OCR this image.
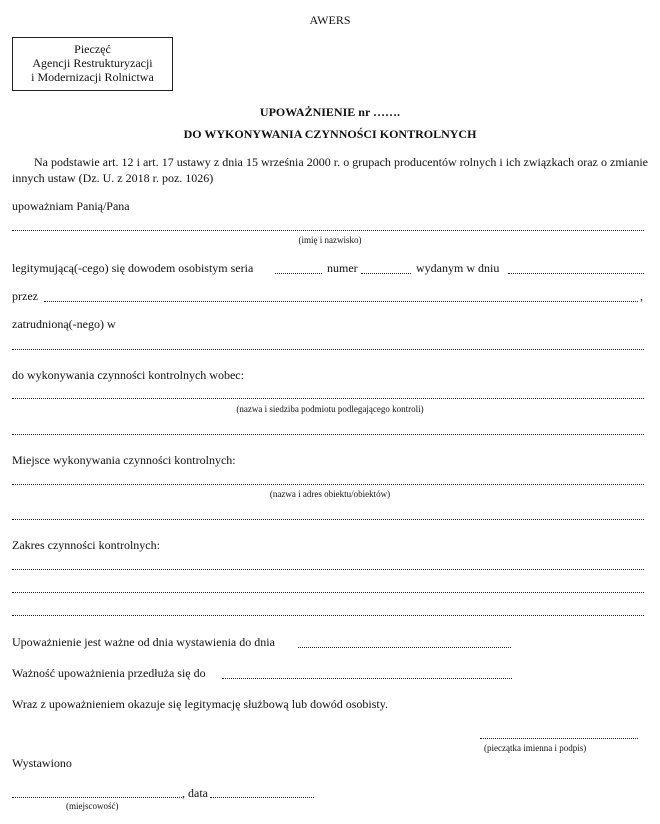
AWERS
Pieczęć
Agencji Restrukturyzacji
i Modernizacji Rolnictwa
UPOWAŻNIENIE nr …….
DO WYKONYWANIA CZYNNOŚCI KONTROLNYCH
Na podstawie art. 12 i art. 17 ustawy z dnia 15 września 2000 r. o grupach producentów rolnych i ich związkach oraz o zmianie innych ustaw (Dz. U. z 2018 r. poz. 1026)
upoważniam Panią/Pana
(imię i nazwisko)
legitymującą(-cego) się dowodem osobistym seria	numer	wydanym w dniu
przez	,
zatrudnioną(-nego) w
do wykonywania czynności kontrolnych wobec:
(nazwa i siedziba podmiotu podlegającego kontroli)
Miejsce wykonywania czynności kontrolnych:
(nazwa i adres obiektu/obiektów)
Zakres czynności kontrolnych:
Upoważnienie jest ważne od dnia wystawienia do dnia
Ważność upoważnienia przedłuża się do
Wraz z upoważnieniem okazuje się legitymację służbową lub dowód osobisty.
(pieczątka imienna i podpis)
Wystawiono
, data
(miejscowość)
